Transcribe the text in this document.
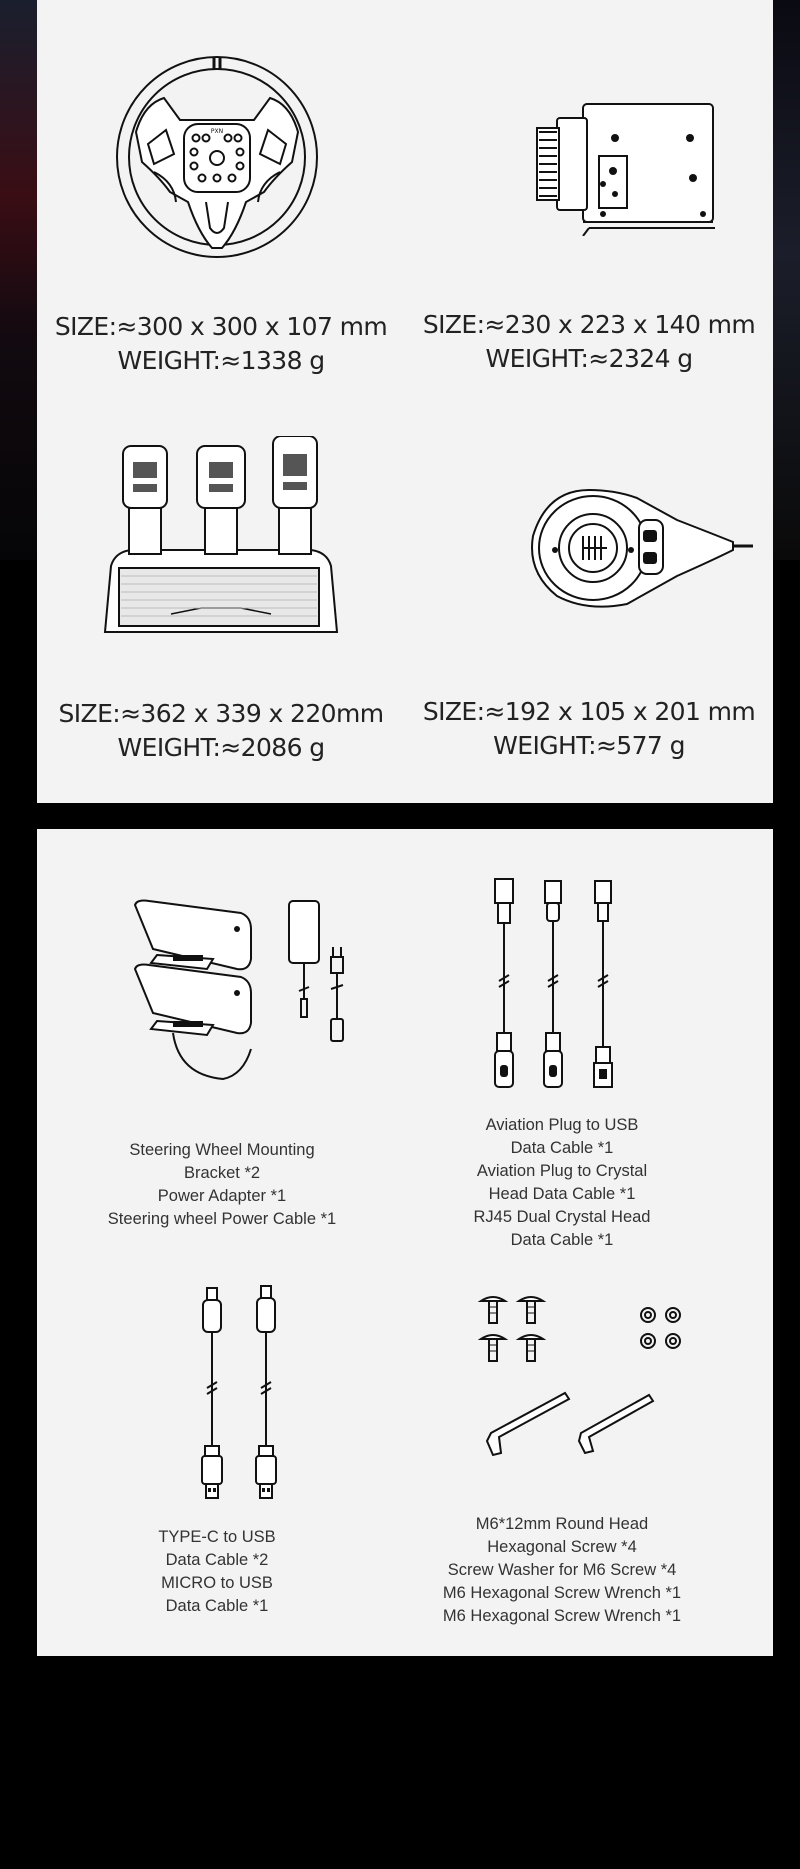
PXN
SIZE:≈300 x 300 x 107 mm
WEIGHT:≈1338 g
SIZE:≈230 x 223 x 140 mm
WEIGHT:≈2324 g
SIZE:≈362 x 339 x 220mm
WEIGHT:≈2086 g
SIZE:≈192 x 105 x 201 mm
WEIGHT:≈577 g
Steering Wheel Mounting
Bracket *2
Power Adapter *1
Steering wheel Power Cable *1
Aviation Plug to USB
Data Cable *1
Aviation Plug to Crystal
Head Data Cable *1
RJ45 Dual Crystal Head
Data Cable *1
TYPE-C to USB
Data Cable *2
MICRO to USB
Data Cable *1
M6*12mm Round Head
Hexagonal Screw *4
Screw Washer for M6 Screw *4
M6 Hexagonal Screw Wrench *1
M6 Hexagonal Screw Wrench *1
